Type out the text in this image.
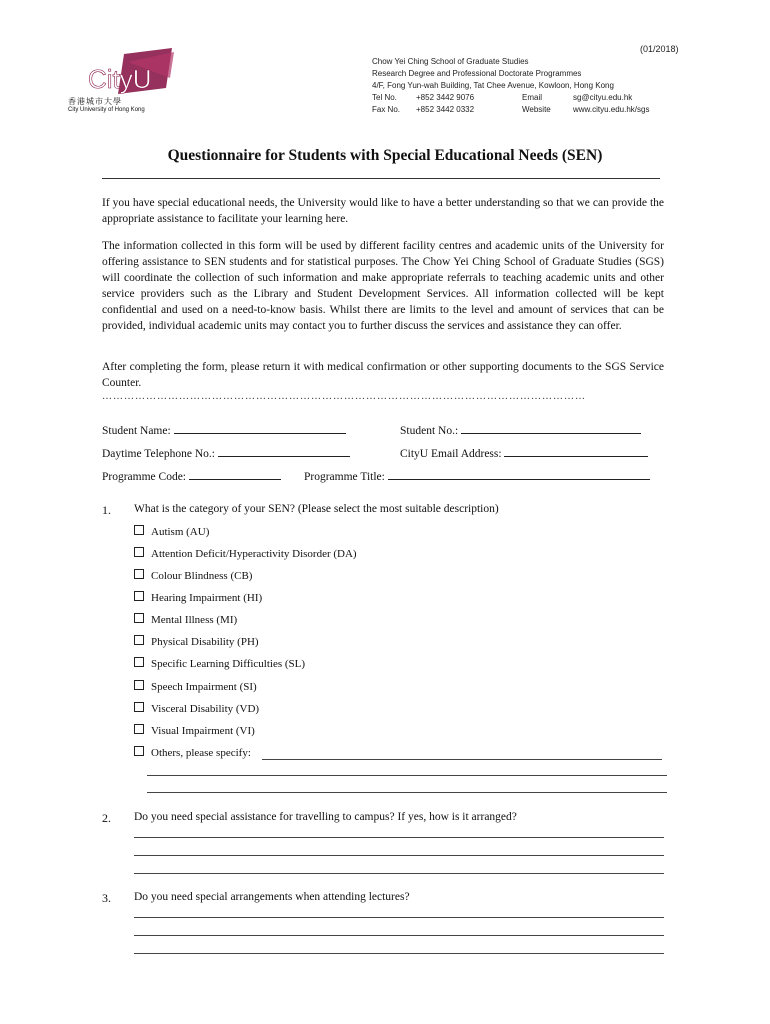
(01/2018)
CityU
香港城市大學
City University of Hong Kong
Chow Yei Ching School of Graduate Studies
Research Degree and Professional Doctorate Programmes
4/F, Fong Yun-wah Building, Tat Chee Avenue, Kowloon, Hong Kong
Tel No. +852 3442 9076	Email	sg@cityu.edu.hk
Fax No. +852 3442 0332	Website	www.cityu.edu.hk/sgs
Questionnaire for Students with Special Educational Needs (SEN)

If you have special educational needs, the University would like to have a better understanding so that we can provide the appropriate assistance to facilitate your learning here.

The information collected in this form will be used by different facility centres and academic units of the University for offering assistance to SEN students and for statistical purposes. The Chow Yei Ching School of Graduate Studies (SGS) will coordinate the collection of such information and make appropriate referrals to teaching academic units and other service providers such as the Library and Student Development Services. All information collected will be kept confidential and used on a need-to-know basis. Whilst there are limits to the level and amount of services that can be provided, individual academic units may contact you to further discuss the services and assistance they can offer.

After completing the form, please return it with medical confirmation or other supporting documents to the SGS Service Counter.

……………………………………………………………………………………………………………………
Student Name:	Student No.:
Daytime Telephone No.:	CityU Email Address:
Programme Code:	Programme Title:
1. What is the category of your SEN? (Please select the most suitable description)
Autism (AU)
Attention Deficit/Hyperactivity Disorder (DA)
Colour Blindness (CB)
Hearing Impairment (HI)
Mental Illness (MI)
Physical Disability (PH)
Specific Learning Difficulties (SL)
Speech Impairment (SI)
Visceral Disability (VD)
Visual Impairment (VI)
Others, please specify:
2. Do you need special assistance for travelling to campus? If yes, how is it arranged?
3. Do you need special arrangements when attending lectures?
